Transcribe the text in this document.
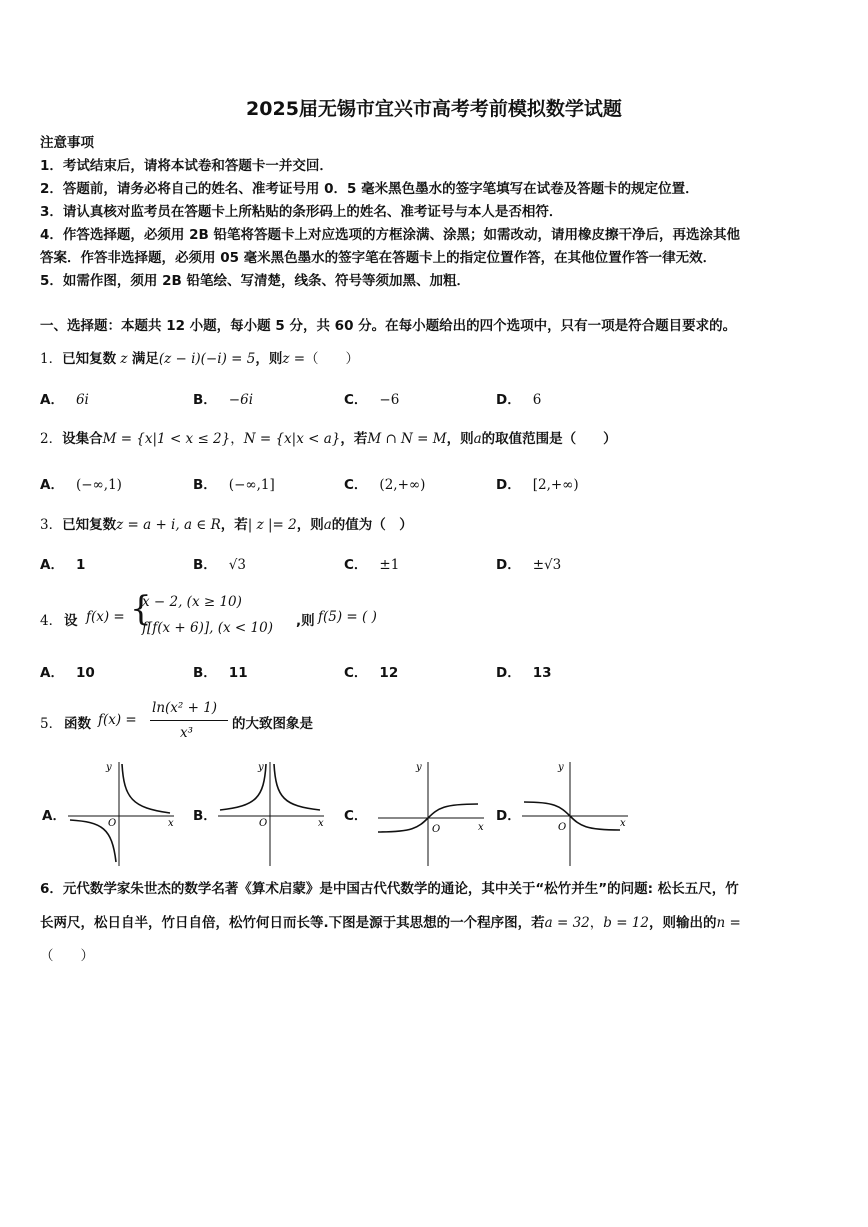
2025届无锡市宜兴市高考考前模拟数学试题
注意事项
1．考试结束后，请将本试卷和答题卡一并交回．
2．答题前，请务必将自己的姓名、准考证号用 0．5 毫米黑色墨水的签字笔填写在试卷及答题卡的规定位置．
3．请认真核对监考员在答题卡上所粘贴的条形码上的姓名、准考证号与本人是否相符．
4．作答选择题，必须用 2B 铅笔将答题卡上对应选项的方框涂满、涂黑；如需改动，请用橡皮擦干净后，再选涂其他
答案．作答非选择题，必须用 05 毫米黑色墨水的签字笔在答题卡上的指定位置作答，在其他位置作答一律无效．
5．如需作图，须用 2B 铅笔绘、写清楚，线条、符号等须加黑、加粗．
一、选择题：本题共 12 小题，每小题 5 分，共 60 分。在每小题给出的四个选项中，只有一项是符合题目要求的。
1．已知复数 z 满足(z − i)(−i) = 5，则z =（　　）
A． 6i	B． −6i	C． −6	D． 6
2．设集合M = {x|1 < x ≤ 2}，N = {x|x < a}，若M ∩ N = M，则a的取值范围是（　　）
A． (−∞,1)	B． (−∞,1]	C． (2,+∞)	D． [2,+∞)
3．已知复数z = a + i, a ∈ R，若| z |= 2，则a的值为（　）
A． 1	B． √3	C． ±1	D． ±√3
4． 设 f(x) = {
x − 2, (x ≥ 10)
f[f(x + 6)], (x < 10) ,则 f(5) = ( )
A． 10	B． 11	C． 12	D． 13
5． 函数 f(x) =
ln(x² + 1)
x³
的大致图象是
A．
y
x
O	B．
y
x
O	C．
y
x
O
D．
y
x
O
6．元代数学家朱世杰的数学名著《算术启蒙》是中国古代代数学的通论，其中关于“松竹并生”的问题: 松长五尺，竹
长两尺，松日自半，竹日自倍，松竹何日而长等.下图是源于其思想的一个程序图，若a = 32，b = 12，则输出的n =
（　　）
